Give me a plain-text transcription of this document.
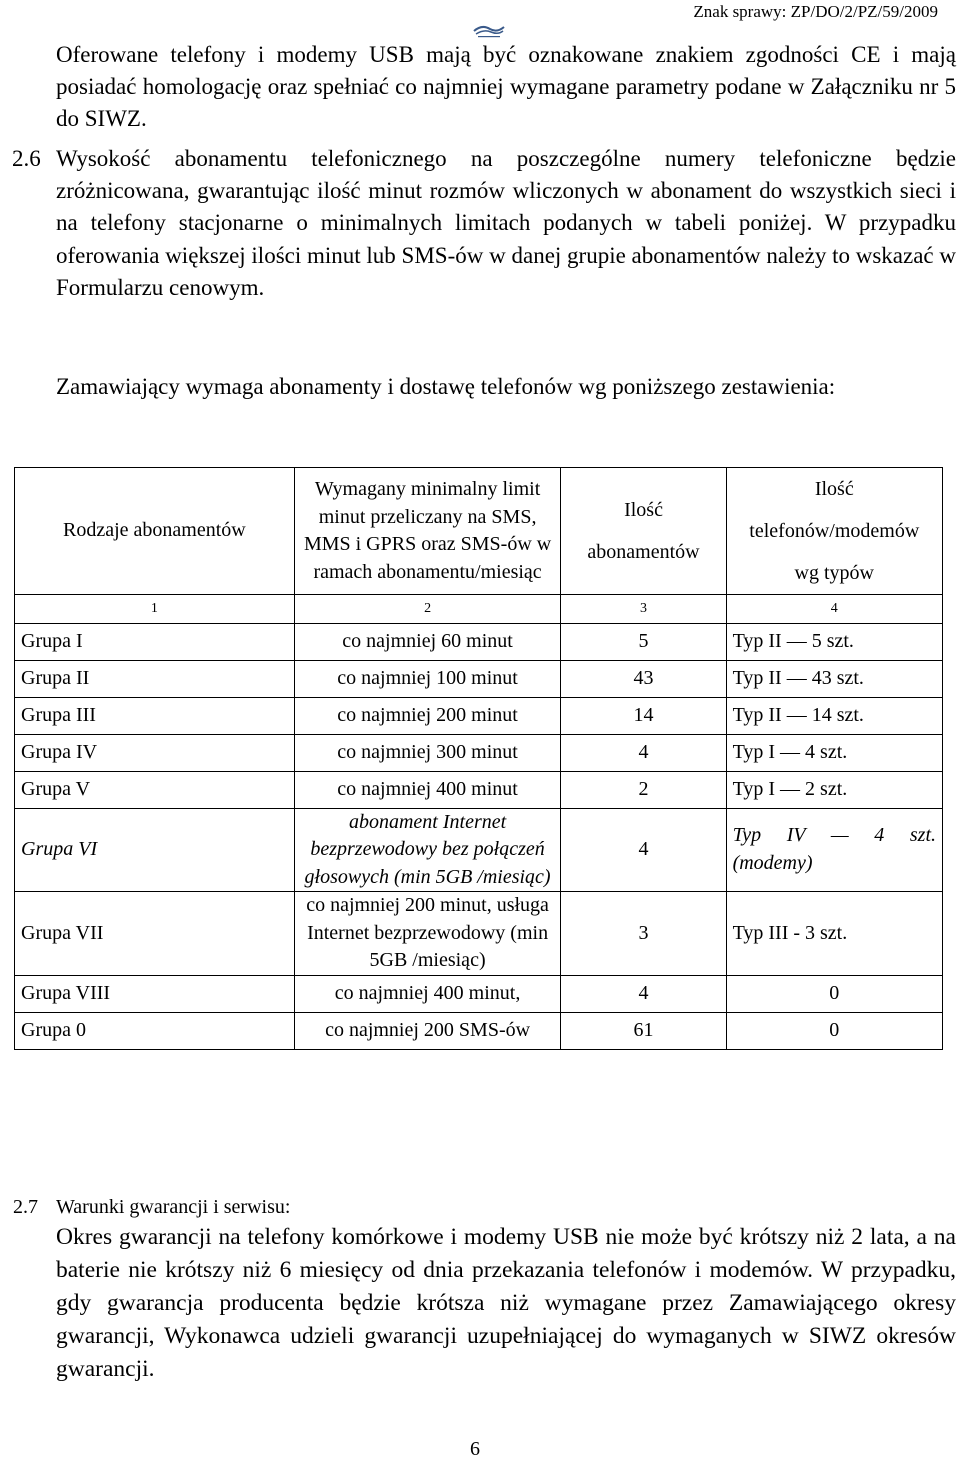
Znak sprawy: ZP/DO/2/PZ/59/2009
Oferowane telefony i modemy USB mają być oznakowane znakiem zgodności CE i mają posiadać homologację oraz spełniać co najmniej wymagane parametry podane w Załączniku nr 5 do SIWZ.
2.6 Wysokość abonamentu telefonicznego na poszczególne numery telefoniczne będzie zróżnicowana, gwarantując ilość minut rozmów wliczonych w abonament do wszystkich sieci i na telefony stacjonarne o minimalnych limitach podanych w tabeli poniżej. W przypadku oferowania większej ilości minut lub SMS-ów w danej grupie abonamentów należy to wskazać w Formularzu cenowym.
Zamawiający wymaga abonamenty i dostawę telefonów wg poniższego zestawienia:
Rodzaje abonamentów	Wymagany minimalny limit minut przeliczany na SMS, MMS i GPRS oraz SMS-ów w ramach abonamentu/miesiąc	Ilość abonamentów	Ilość
telefonów/modemów
wg typów

1	2	3	4
Grupa I	co najmniej 60 minut	5	Typ II — 5 szt.
Grupa II	co najmniej 100 minut	43	Typ II — 43 szt.
Grupa III	co najmniej 200 minut	14	Typ II — 14 szt.
Grupa IV	co najmniej 300 minut	4	Typ I — 4 szt.
Grupa V	co najmniej 400 minut	2	Typ I — 2 szt.
Grupa VI	abonament Internet bezprzewodowy bez połączeń głosowych (min 5GB /miesiąc)	4	Typ IV — 4 szt.
(modemy)

Grupa VII	co najmniej 200 minut, usługa Internet bezprzewodowy (min 5GB /miesiąc)	3	Typ III - 3 szt.
Grupa VIII	co najmniej 400 minut,	4	0
Grupa 0	co najmniej 200 SMS-ów	61	0
2.7 Warunki gwarancji i serwisu:
Okres gwarancji na telefony komórkowe i modemy USB nie może być krótszy niż 2 lata, a na baterie nie krótszy niż 6 miesięcy od dnia przekazania telefonów i modemów. W przypadku, gdy gwarancja producenta będzie krótsza niż wymagane przez Zamawiającego okresy gwarancji, Wykonawca udzieli gwarancji uzupełniającej do wymaganych w SIWZ okresów gwarancji.
6
